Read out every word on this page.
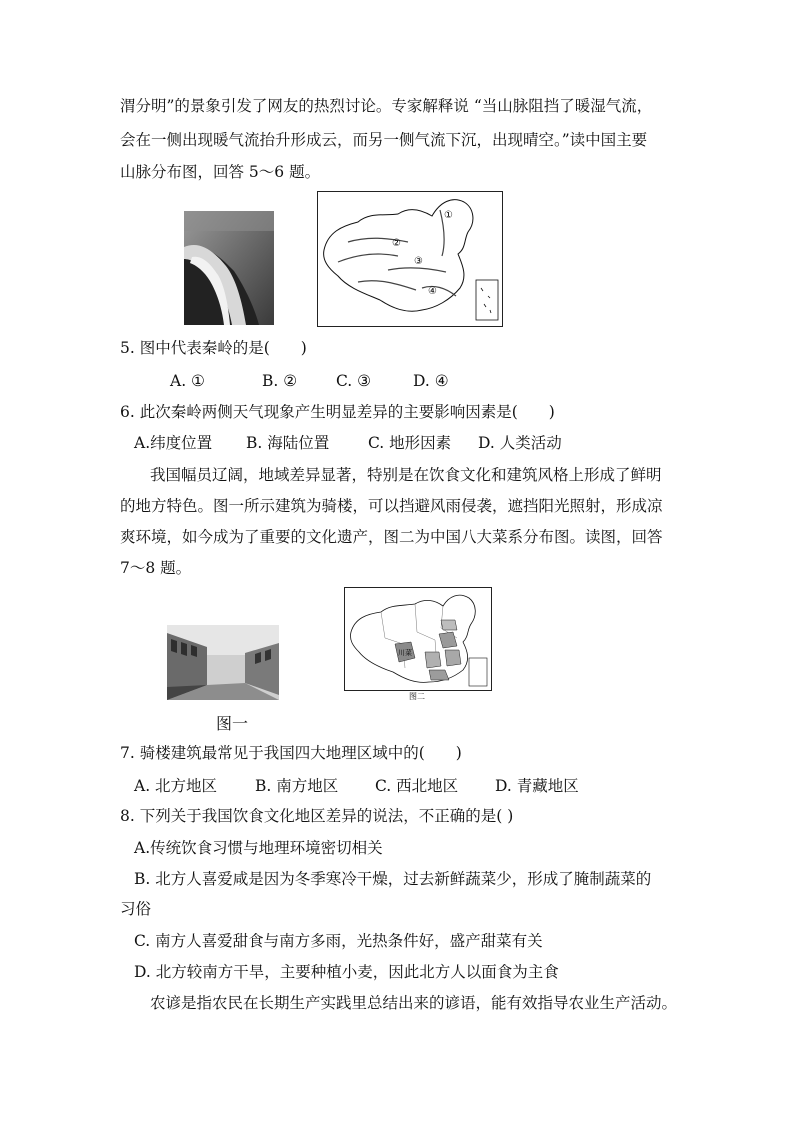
渭分明”的景象引发了网友的热烈讨论。专家解释说 “当山脉阻挡了暖湿气流，
会在一侧出现暖气流抬升形成云，而另一侧气流下沉，出现晴空。”读中国主要
山脉分布图，回答 5～6 题。
①
②
③
④
5. 图中代表秦岭的是(　　)
A. ①	B. ②	C. ③	D. ④
6. 此次秦岭两侧天气现象产生明显差异的主要影响因素是(　　)
A.纬度位置 B. 海陆位置	C. 地形因素 D. 人类活动
我国幅员辽阔，地域差异显著，特别是在饮食文化和建筑风格上形成了鲜明
的地方特色。图一所示建筑为骑楼，可以挡避风雨侵袭，遮挡阳光照射，形成凉
爽环境，如今成为了重要的文化遗产，图二为中国八大菜系分布图。读图，回答
7～8 题。
图一
川菜
图二
7. 骑楼建筑最常见于我国四大地理区域中的(　　)
A. 北方地区 B. 南方地区 C. 西北地区 D. 青藏地区
8. 下列关于我国饮食文化地区差异的说法，不正确的是( )
A.传统饮食习惯与地理环境密切相关
B. 北方人喜爱咸是因为冬季寒冷干燥，过去新鲜蔬菜少，形成了腌制蔬菜的
习俗
C. 南方人喜爱甜食与南方多雨，光热条件好，盛产甜菜有关
D. 北方较南方干旱，主要种植小麦，因此北方人以面食为主食
农谚是指农民在长期生产实践里总结出来的谚语，能有效指导农业生产活动。
